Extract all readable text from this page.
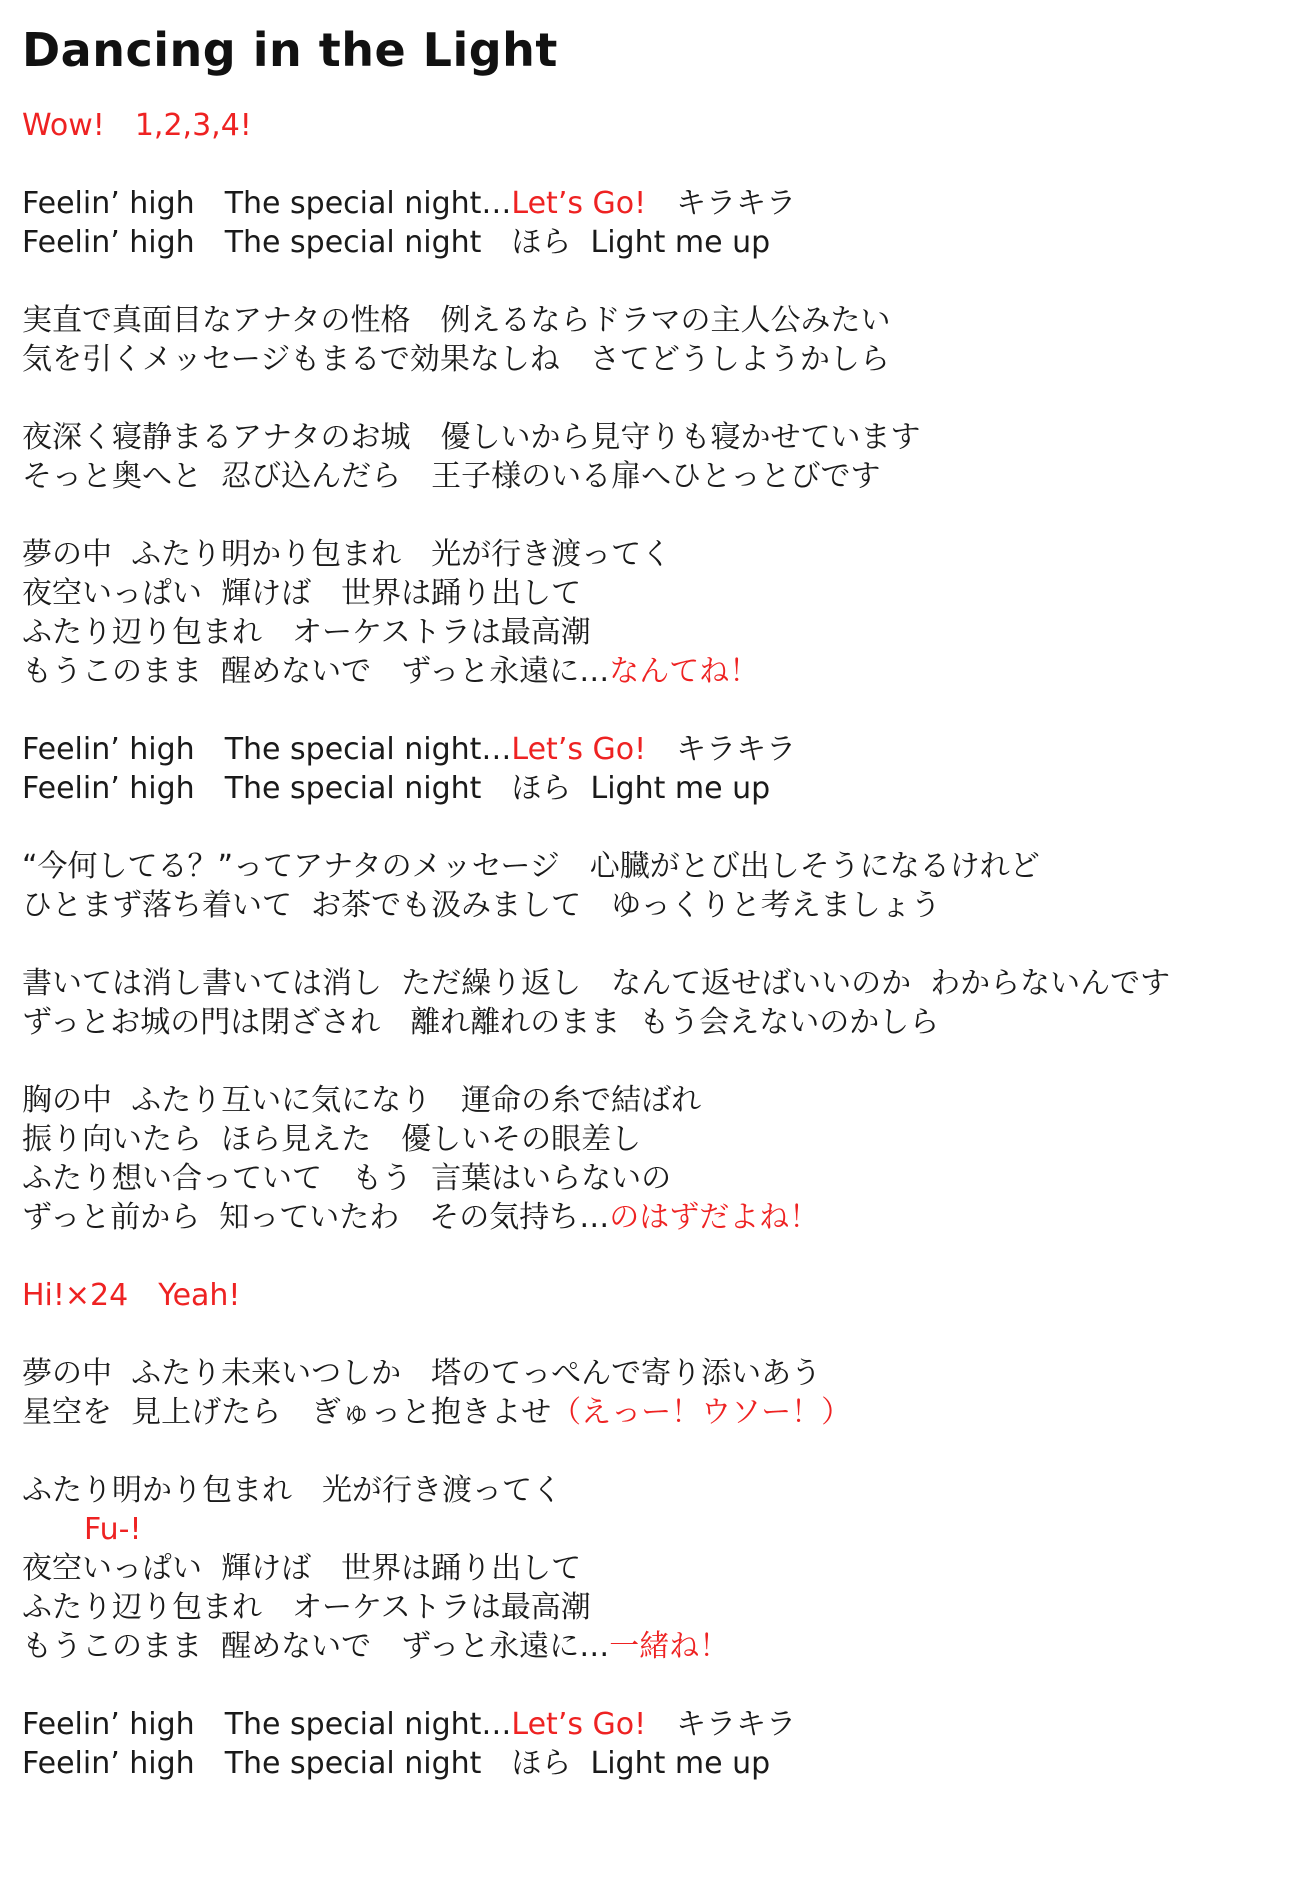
Dancing in the Light
Wow!　1,2,3,4!
Feelin’ high　The special night…Let’s Go!　キラキラ
Feelin’ high　The special night　ほら  Light me up
実直で真面目なアナタの性格　例えるならドラマの主人公みたい
気を引くメッセージもまるで効果なしね　さてどうしようかしら
夜深く寝静まるアナタのお城　優しいから見守りも寝かせています
そっと奥へと  忍び込んだら　王子様のいる扉へひとっとびです
夢の中  ふたり明かり包まれ　光が行き渡ってく
夜空いっぱい  輝けば　世界は踊り出して
ふたり辺り包まれ　オーケストラは最高潮
もうこのまま  醒めないで　ずっと永遠に…なんてね！
Feelin’ high　The special night…Let’s Go!　キラキラ
Feelin’ high　The special night　ほら  Light me up
“今何してる？”ってアナタのメッセージ　心臓がとび出しそうになるけれど
ひとまず落ち着いて  お茶でも汲みまして　ゆっくりと考えましょう
書いては消し書いては消し  ただ繰り返し　なんて返せばいいのか  わからないんです
ずっとお城の門は閉ざされ　離れ離れのまま  もう会えないのかしら
胸の中  ふたり互いに気になり　運命の糸で結ばれ
振り向いたら  ほら見えた　優しいその眼差し
ふたり想い合っていて　もう  言葉はいらないの
ずっと前から  知っていたわ　その気持ち…のはずだよね！
Hi!×24　Yeah!
夢の中  ふたり未来いつしか　塔のてっぺんで寄り添いあう
星空を  見上げたら　ぎゅっと抱きよせ（えっー！ウソー！）
ふたり明かり包まれ　光が行き渡ってく
Fu-!
夜空いっぱい  輝けば　世界は踊り出して
ふたり辺り包まれ　オーケストラは最高潮
もうこのまま  醒めないで　ずっと永遠に…一緒ね！
Feelin’ high　The special night…Let’s Go!　キラキラ
Feelin’ high　The special night　ほら  Light me up
